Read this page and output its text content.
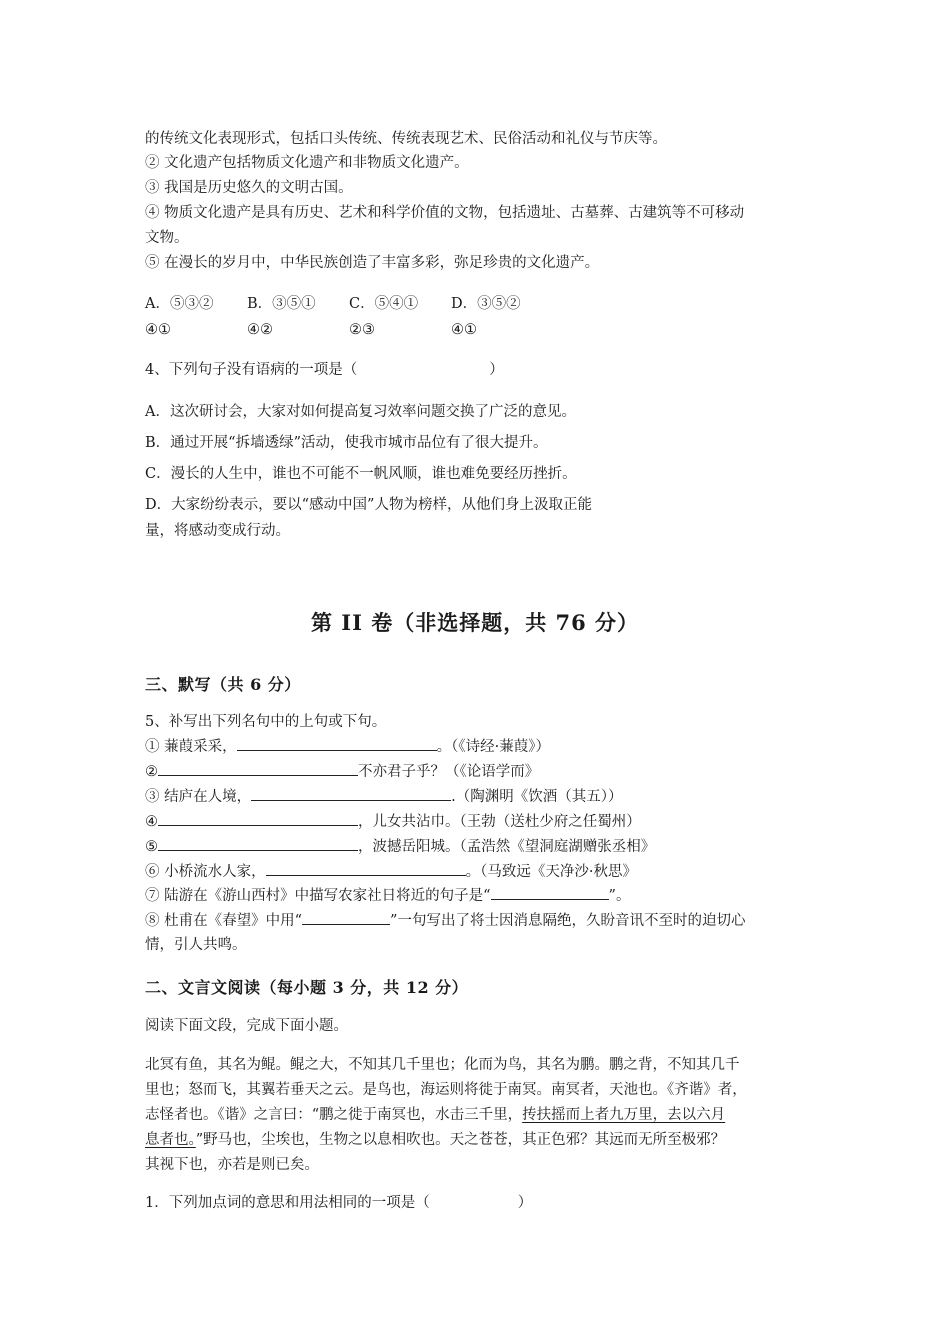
的传统文化表现形式，包括口头传统、传统表现艺术、民俗活动和礼仪与节庆等。
② 文化遗产包括物质文化遗产和非物质文化遗产。
③ 我国是历史悠久的文明古国。
④ 物质文化遗产是具有历史、艺术和科学价值的文物，包括遗址、古墓葬、古建筑等不可移动
文物。
⑤ 在漫长的岁月中，中华民族创造了丰富多彩，弥足珍贵的文化遗产。
A．⑤③②
④①
B．③⑤①
④②
C．⑤④①
②③
D．③⑤②
④①
4、下列句子没有语病的一项是（	）
A．这次研讨会，大家对如何提高复习效率问题交换了广泛的意见。
B．通过开展“拆墙透绿”活动，使我市城市品位有了很大提升。
C．漫长的人生中，谁也不可能不一帆风顺，谁也难免要经历挫折。
D．大家纷纷表示，要以“感动中国”人物为榜样，从他们身上汲取正能
量，将感动变成行动。
第 II 卷（非选择题，共 76 分）
三、默写（共 6 分）
5、补写出下列名句中的上句或下句。
① 蒹葭采采，	。（《诗经·蒹葭》）
②	不亦君子乎？（《论语学而》
③ 结庐在人境，	.（陶渊明《饮酒（其五））
④	，儿女共沾巾。（王勃（送杜少府之任蜀州）
⑤	，波撼岳阳城。（孟浩然《望洞庭湖赠张丞相》
⑥ 小桥流水人家，	。（马致远《天净沙·秋思》
⑦ 陆游在《游山西村》中描写农家社日将近的句子是“	”。
⑧ 杜甫在《春望》中用“	”一句写出了将士因消息隔绝，久盼音讯不至时的迫切心
情，引人共鸣。
二、文言文阅读（每小题 3 分，共 12 分）
阅读下面文段，完成下面小题。
北冥有鱼，其名为鲲。鲲之大，不知其几千里也；化而为鸟，其名为鹏。鹏之背，不知其几千
里也；怒而飞，其翼若垂天之云。是鸟也，海运则将徙于南冥。南冥者，天池也。《齐谐》者，
志怪者也。《谐》之言曰：“鹏之徙于南冥也，水击三千里，抟扶摇而上者九万里，去以六月
息者也。”野马也，尘埃也，生物之以息相吹也。天之苍苍，其正色邪？其远而无所至极邪？
其视下也，亦若是则已矣。
1．下列加点词的意思和用法相同的一项是（	）
